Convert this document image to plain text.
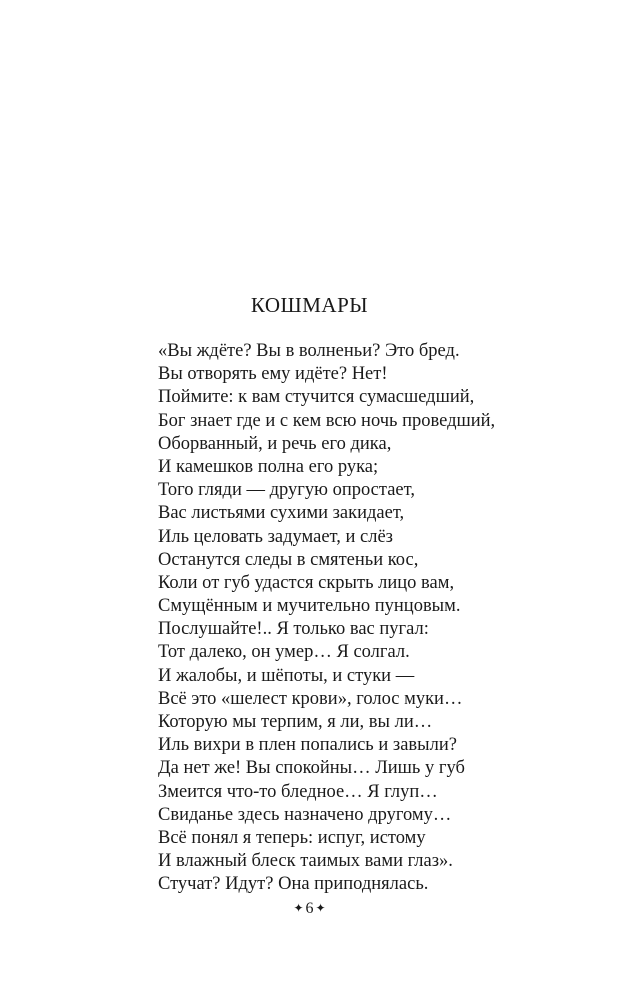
КОШМАРЫ
«Вы ждёте? Вы в волненьи? Это бред.
Вы отворять ему идёте? Нет!
Поймите: к вам стучится сумасшедший,
Бог знает где и с кем всю ночь проведший,
Оборванный, и речь его дика,
И камешков полна его рука;
Того гляди — другую опростает,
Вас листьями сухими закидает,
Иль целовать задумает, и слёз
Останутся следы в смятеньи кос,
Коли от губ удастся скрыть лицо вам,
Смущённым и мучительно пунцовым.
Послушайте!.. Я только вас пугал:
Тот далеко, он умер… Я солгал.
И жалобы, и шёпоты, и стуки —
Всё это «шелест крови», голос муки…
Которую мы терпим, я ли, вы ли…
Иль вихри в плен попались и завыли?
Да нет же! Вы спокойны… Лишь у губ
Змеится что-то бледное… Я глуп…
Свиданье здесь назначено другому…
Всё понял я теперь: испуг, истому
И влажный блеск таимых вами глаз».
Стучат? Идут? Она приподнялась.
✦ 6 ✦
